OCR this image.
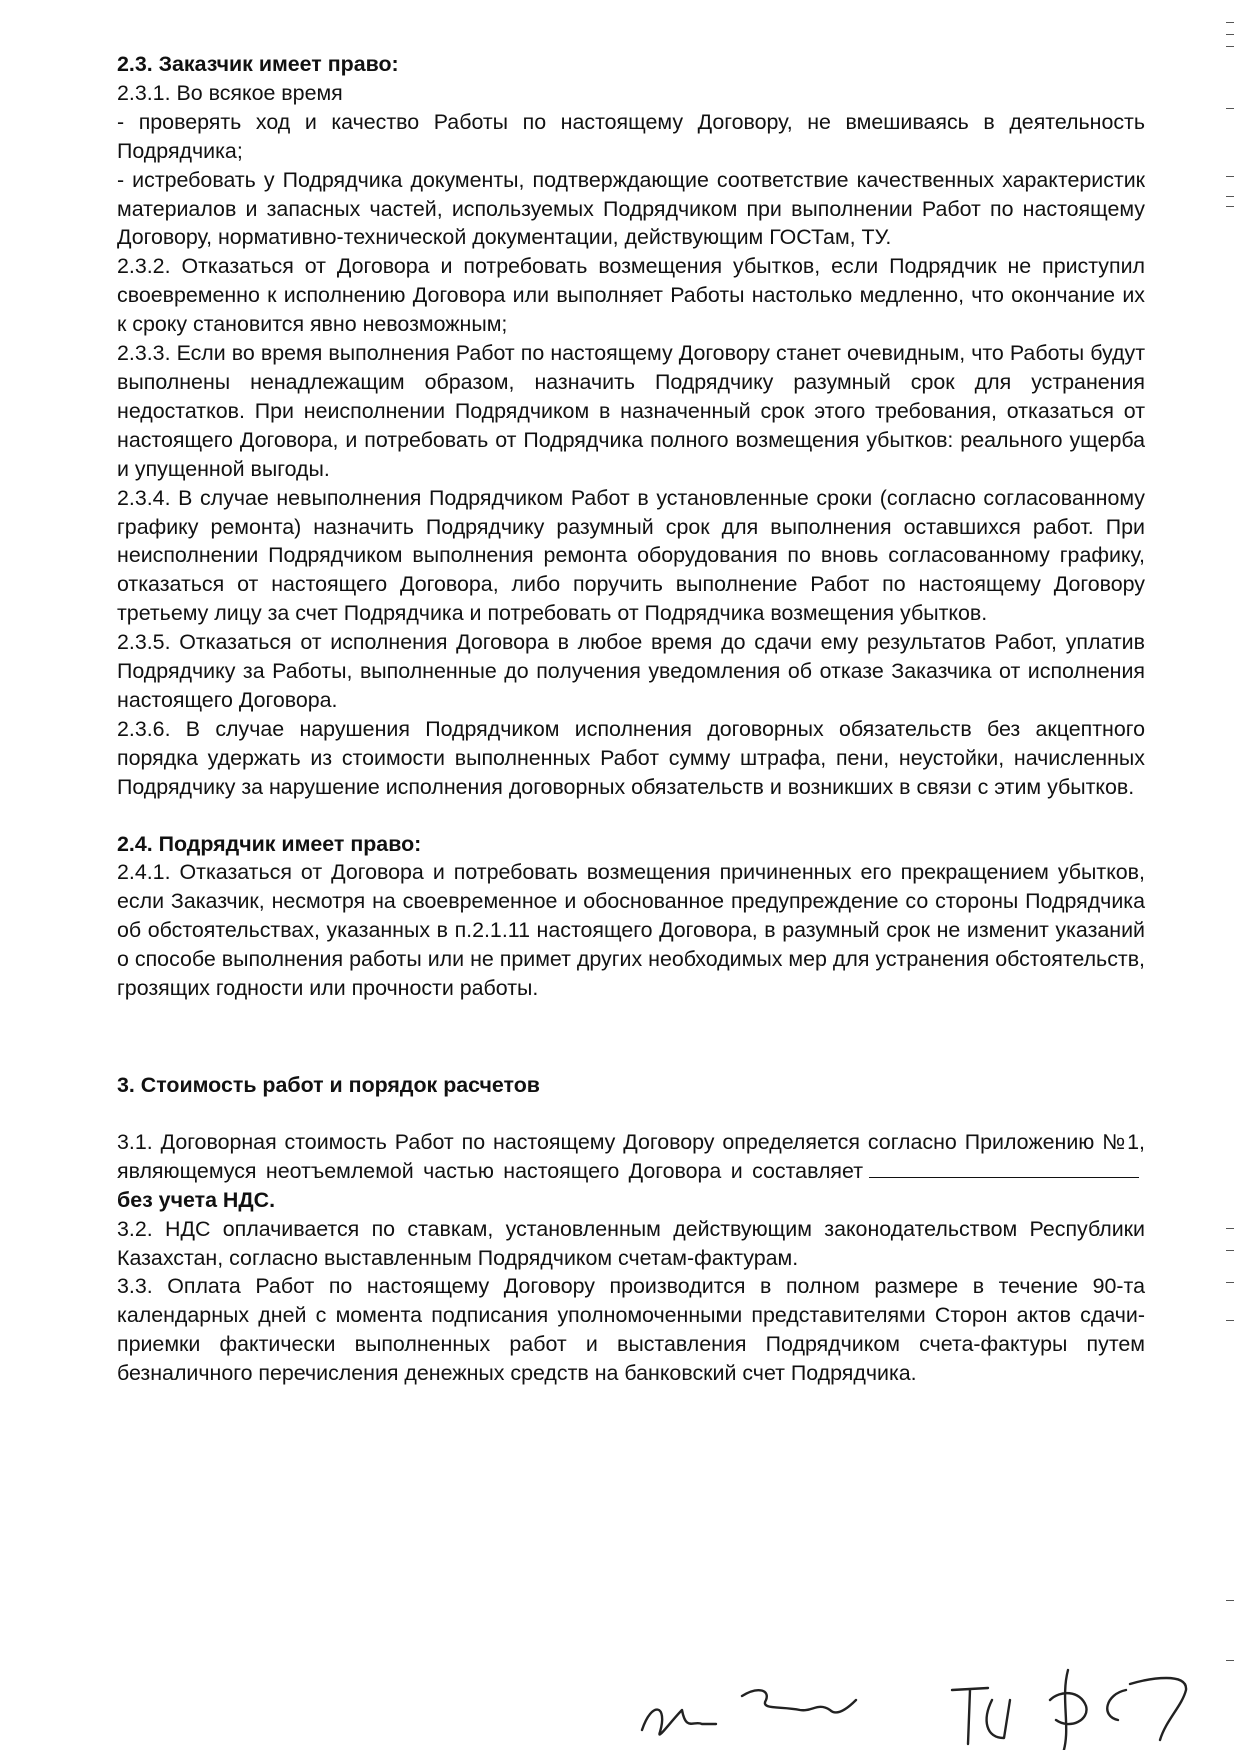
2.3. Заказчик имеет право:

2.3.1. Во всякое время

- проверять ход и качество Работы по настоящему Договору, не вмешиваясь в деятельность Подрядчика;

- истребовать у Подрядчика документы, подтверждающие соответствие качественных характеристик материалов и запасных частей, используемых Подрядчиком при выполнении Работ по настоящему Договору, нормативно-технической документации, действующим ГОСТам, ТУ.

2.3.2. Отказаться от Договора и потребовать возмещения убытков, если Подрядчик не приступил своевременно к исполнению Договора или выполняет Работы настолько медленно, что окончание их к сроку становится явно невозможным;

2.3.3. Если во время выполнения Работ по настоящему Договору станет очевидным, что Работы будут выполнены ненадлежащим образом, назначить Подрядчику разумный срок для устранения недостатков. При неисполнении Подрядчиком в назначенный срок этого требования, отказаться от настоящего Договора, и потребовать от Подрядчика полного возмещения убытков: реального ущерба и упущенной выгоды.

2.3.4. В случае невыполнения Подрядчиком Работ в установленные сроки (согласно согласованному графику ремонта) назначить Подрядчику разумный срок для выполнения оставшихся работ. При неисполнении Подрядчиком выполнения ремонта оборудования по вновь согласованному графику, отказаться от настоящего Договора, либо поручить выполнение Работ по настоящему Договору третьему лицу за счет Подрядчика и потребовать от Подрядчика возмещения убытков.

2.3.5. Отказаться от исполнения Договора в любое время до сдачи ему результатов Работ, уплатив Подрядчику за Работы, выполненные до получения уведомления об отказе Заказчика от исполнения настоящего Договора.

2.3.6. В случае нарушения Подрядчиком исполнения договорных обязательств без акцептного порядка удержать из стоимости выполненных Работ сумму штрафа, пени, неустойки, начисленных Подрядчику за нарушение исполнения договорных обязательств и возникших в связи с этим убытков.

2.4. Подрядчик имеет право:

2.4.1. Отказаться от Договора и потребовать возмещения причиненных его прекращением убытков, если Заказчик, несмотря на своевременное и обоснованное предупреждение со стороны Подрядчика об обстоятельствах, указанных в п.2.1.11 настоящего Договора, в разумный срок не изменит указаний о способе выполнения работы или не примет других необходимых мер для устранения обстоятельств, грозящих годности или прочности работы.

3. Стоимость работ и порядок расчетов

3.1. Договорная стоимость Работ по настоящему Договору определяется согласно Приложению №1, являющемуся неотъемлемой частью настоящего Договора и составляетбез учета НДС.

3.2. НДС оплачивается по ставкам, установленным действующим законодательством Республики Казахстан, согласно выставленным Подрядчиком счетам-фактурам.

3.3. Оплата Работ по настоящему Договору производится в полном размере в течение 90-та календарных дней с момента подписания уполномоченными представителями Сторон актов сдачи-приемки фактически выполненных работ и выставления Подрядчиком счета-фактуры путем безналичного перечисления денежных средств на банковский счет Подрядчика.
